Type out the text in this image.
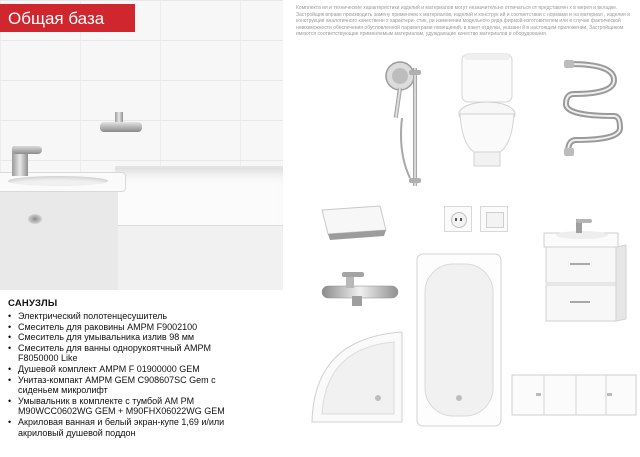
Общая база
Комплекта ия и технические характеристики изделий и материалов могут незначительно отличаться от представлен х в мерея и вкладке. Застройщик вправе производить замену применяем х материалов, изделий и конструк ий и соответствии с нормами и на материал , изделия и конструкции аналогичного качественн х характери- стик, ри изменении модельного ряда фирмой-изготовителем или в случае фактической невозможности обеспечения обусловленной параметрами помещений, в пакет отделки, указанн й в настоящем приложении, Застройщиком имеются соответствующие применяемым материалам, удуждающие качество материалов и оборудования.
САНУЗЛЫ
• Электрический полотенцесушитель
• Смеситель для раковины AMPM F9002100
• Смеситель для умывальника излив 98 мм
• Смеситель для ванны однорукоятчный AMPM F8050000 Like
• Душевой комплект AMPM F 01900000 GEM
• Унитаз-компакт AMPM GEM C908607SC Gem с сиденьем микролифт
• Умывальник в комплекте с тумбой AM PM M90WCC0602WG GEM + M90FHX06022WG GEM
• Акриловая ванная и белый экран-купе 1,69 и/или акриловый душевой поддон
